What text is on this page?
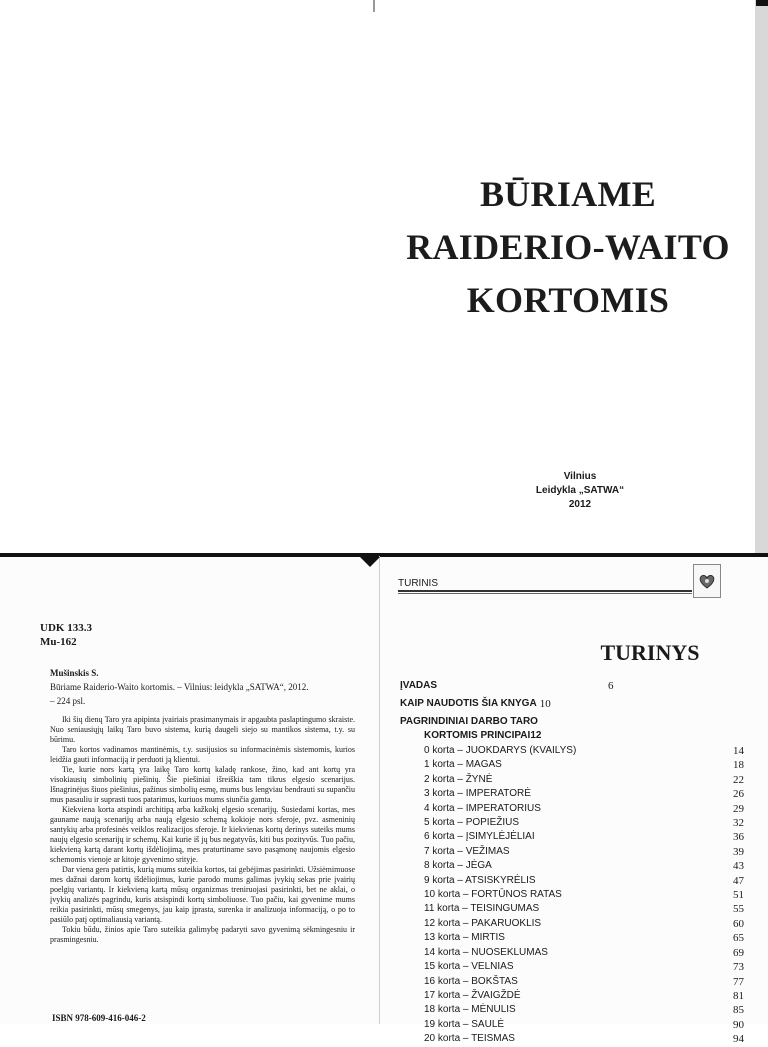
BŪRIAME
RAIDERIO-WAITO
KORTOMIS
Vilnius
Leidykla „SATWA“
2012
UDK 133.3
Mu-162
Mušinskis S.
Būriame Raiderio-Waito kortomis. – Vilnius: leidykla „SATWA“, 2012.
– 224 psl.

Iki šių dienų Taro yra apipinta įvairiais prasimanymais ir apgaubta paslaptingumo skraiste. Nuo seniausiųjų laikų Taro buvo sistema, kurią daugeli siejo su mantikos sistema, t.y. su būrimu.

Taro kortos vadinamos mantinėmis, t.y. susijusios su informacinėmis sistemomis, kurios leidžia gauti informaciją ir perduoti ją klientui.

Tie, kurie nors kartą yra laikę Taro kortų kaladę rankose, žino, kad ant kortų yra visokiausių simbolinių piešinių. Šie piešiniai išreiškia tam tikrus elgesio scenarijus. Išnagrinėjus šiuos piešinius, pažinus simbolių esmę, mums bus lengviau bendrauti su supančiu mus pasauliu ir suprasti tuos patarimus, kuriuos mums siunčia gamta.

Kiekviena korta atspindi architipą arba kažkokį elgesio scenarijų. Susiedami kortas, mes gauname naują scenarijų arba naują elgesio schemą kokioje nors sferoje, pvz. asmeninių santykių arba profesinės veiklos realizacijos sferoje. Ir kiekvienas kortų derinys suteiks mums naujų elgesio scenarijų ir schemų. Kai kurie iš jų bus negatyvūs, kiti bus pozityvūs. Tuo pačiu, kiekvieną kartą darant kortų išdėliojimą, mes praturtiname savo pasąmonę naujomis elgesio schemomis vienoje ar kitoje gyvenimo srityje.

Dar viena gera patirtis, kurią mums suteikia kortos, tai gebėjimas pasirinkti. Užsiėmimuose mes dažnai darom kortų išdėliojimus, kurie parodo mums galimas įvykių sekas prie įvairių poelgių variantų. Ir kiekvieną kartą mūsų organizmas treniruojasi pasirinkti, bet ne aklai, o įvykių analizės pagrindu, kuris atsispindi kortų simboliuose. Tuo pačiu, kai gyvenime mums reikia pasirinkti, mūsų smegenys, jau kaip įprasta, surenka ir analizuoja informaciją, o po to pasiūlo patį optimaliausią variantą.

Tokiu būdu, žinios apie Taro suteikia galimybę padaryti savo gyvenimą sėkmingesniu ir prasmingesniu.

ISBN 978-609-416-046-2
TURINIS
TURINYS
ĮVADAS	6
KAIP NAUDOTIS ŠIA KNYGA 10
PAGRINDINIAI DARBO TARO
KORTOMIS PRINCIPAI 12
0 korta – JUOKDARYS (KVAILYS)	14
1 korta – MAGAS	18
2 korta – ŽYNĖ	22
3 korta – IMPERATORĖ	26
4 korta – IMPERATORIUS	29
5 korta – POPIEŽIUS	32
6 korta – ĮSIMYLĖJĖLIAI	36
7 korta – VEŽIMAS	39
8 korta – JĖGA	43
9 korta – ATSISKYRĖLIS	47
10 korta – FORTŪNOS RATAS	51
11 korta – TEISINGUMAS	55
12 korta – PAKARUOKLIS	60
13 korta – MIRTIS	65
14 korta – NUOSEKLUMAS	69
15 korta – VELNIAS	73
16 korta – BOKŠTAS	77
17 korta – ŽVAIGŽDĖ	81
18 korta – MĖNULIS	85
19 korta – SAULĖ	90
20 korta – TEISMAS	94
